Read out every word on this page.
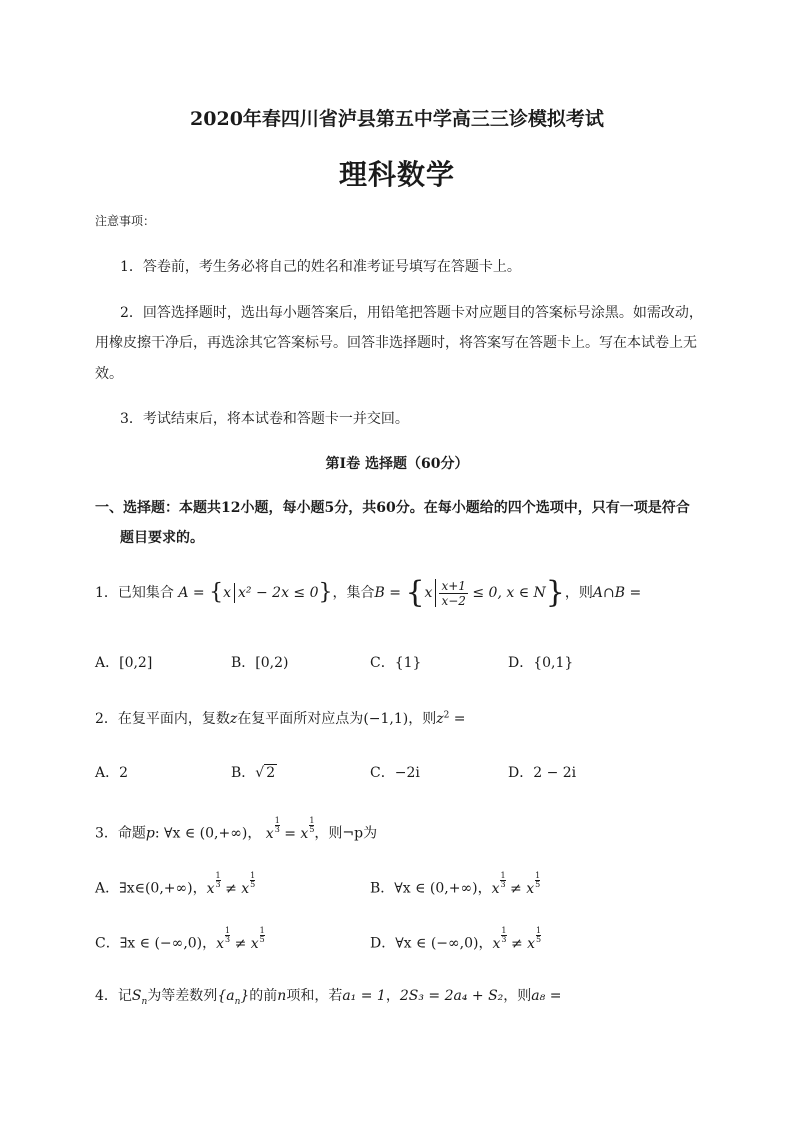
2020年春四川省泸县第五中学高三三诊模拟考试
理科数学
注意事项：
1．答卷前，考生务必将自己的姓名和准考证号填写在答题卡上。
2．回答选择题时，选出每小题答案后，用铅笔把答题卡对应题目的答案标号涂黑。如需改动，
用橡皮擦干净后，再选涂其它答案标号。回答非选择题时，将答案写在答题卡上。写在本试卷上无
效。
3．考试结束后，将本试卷和答题卡一并交回。
第Ⅰ卷 选择题（60分）
一、选择题：本题共12小题，每小题5分，共60分。在每小题给的四个选项中，只有一项是符合
题目要求的。
1．已知集合 A = {x x² − 2x ≤ 0}，集合$B = \{x \frac{x+1}{x-2} \le 0$, x ∈ N}，则A∩B =
A．[0,2]	B．[0,2)	C．{1}	D．{0,1}
2．在复平面内，复数z在复平面所对应点为(−1,1)，则$z^2$ =
A．2	B．√ 2	C．−2i	D．2 − 2i
3．命题p: ∀x ∈ (0,+∞)， x $\frac{1}{3} = x \frac{1}{5}$ ，则¬p为
A．∃x∈(0,+∞)，x $\frac{1}{3} \ne x \frac{1}{5}$	B．∀x ∈ (0,+∞)，x $\frac{1}{3} \ne x \frac{1}{5}$
C．∃x ∈ (−∞,0)，x $\frac{1}{3} \ne x \frac{1}{5}$	D．∀x ∈ (−∞,0)，x $\frac{1}{3} \ne x \frac{1}{5}$
4．记$S_n$为等差数列$\{a_n\}$的前n项和，若a₁ = 1，2S₃ = 2a₄ + S₂，则a₈ =
